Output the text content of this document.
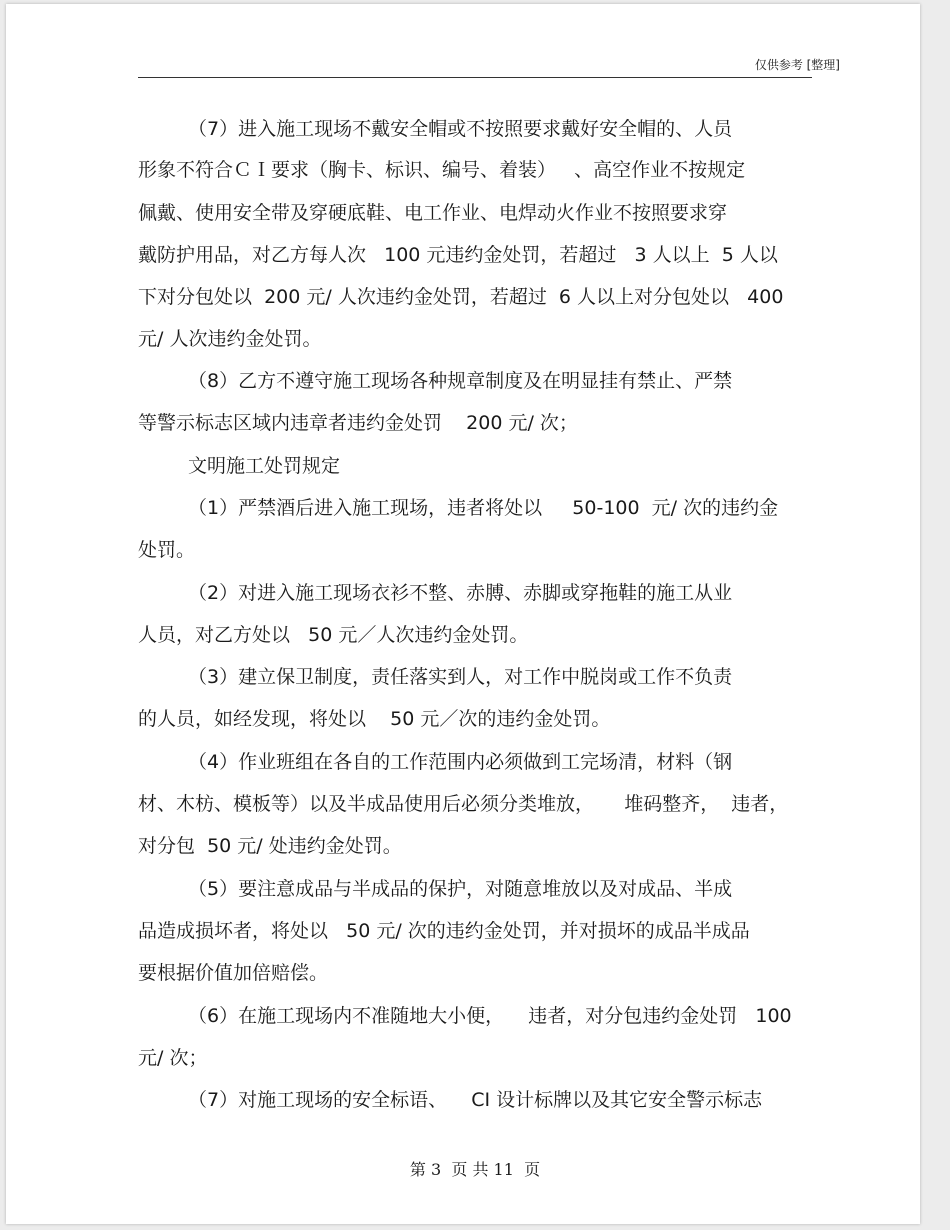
仅供参考 [整理]
（7）进入施工现场不戴安全帽或不按照要求戴好安全帽的、人员
形象不符合ＣＩ要求（胸卡、标识、编号、着装）   、高空作业不按规定
佩戴、使用安全带及穿硬底鞋、电工作业、电焊动火作业不按照要求穿
戴防护用品，对乙方每人次   100 元违约金处罚，若超过   3 人以上  5 人以
下对分包处以  200 元/ 人次违约金处罚，若超过  6 人以上对分包处以   400
元/ 人次违约金处罚。
（8）乙方不遵守施工现场各种规章制度及在明显挂有禁止、严禁
等警示标志区域内违章者违约金处罚    200 元/ 次；
文明施工处罚规定
（1）严禁酒后进入施工现场，违者将处以     50-100  元/ 次的违约金
处罚。
（2）对进入施工现场衣衫不整、赤膊、赤脚或穿拖鞋的施工从业
人员，对乙方处以   50 元／人次违约金处罚。
（3）建立保卫制度，责任落实到人，对工作中脱岗或工作不负责
的人员，如经发现，将处以    50 元／次的违约金处罚。
（4）作业班组在各自的工作范围内必须做到工完场清，材料（钢
材、木枋、模板等）以及半成品使用后必须分类堆放，     堆码整齐，  违者，
对分包  50 元/ 处违约金处罚。
（5）要注意成品与半成品的保护，对随意堆放以及对成品、半成
品造成损坏者，将处以   50 元/ 次的违约金处罚，并对损坏的成品半成品
要根据价值加倍赔偿。
（6）在施工现场内不准随地大小便，    违者，对分包违约金处罚   100
元/ 次；
（7）对施工现场的安全标语、    CI 设计标牌以及其它安全警示标志
第 3  页 共 11  页
